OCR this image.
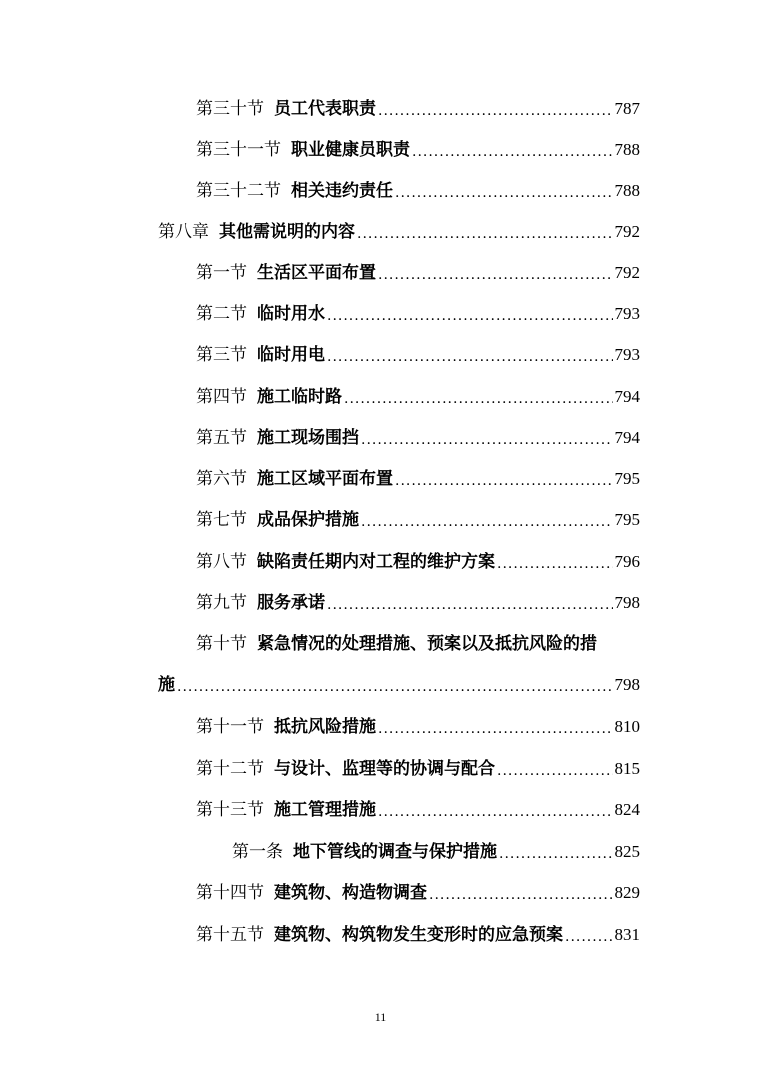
第三十节 员工代表职责 .....	787
第三十一节 职业健康员职责 .....	788
第三十二节 相关违约责任 .....	788
第八章 其他需说明的内容 .....	792
第一节 生活区平面布置 .....	792
第二节 临时用水 .....	793
第三节 临时用电 .....	793
第四节 施工临时路 .....	794
第五节 施工现场围挡 .....	794
第六节 施工区域平面布置 .....	795
第七节 成品保护措施 .....	795
第八节 缺陷责任期内对工程的维护方案 .....	796
第九节 服务承诺 .....	798
第十节 紧急情况的处理措施、预案以及抵抗风险的措
施 .....	798
第十一节 抵抗风险措施 .....	810
第十二节 与设计、监理等的协调与配合 .....	815
第十三节 施工管理措施 .....	824
第一条 地下管线的调查与保护措施 .....	825
第十四节 建筑物、构造物调查 .....	829
第十五节 建筑物、构筑物发生变形时的应急预案 .....	831
11
